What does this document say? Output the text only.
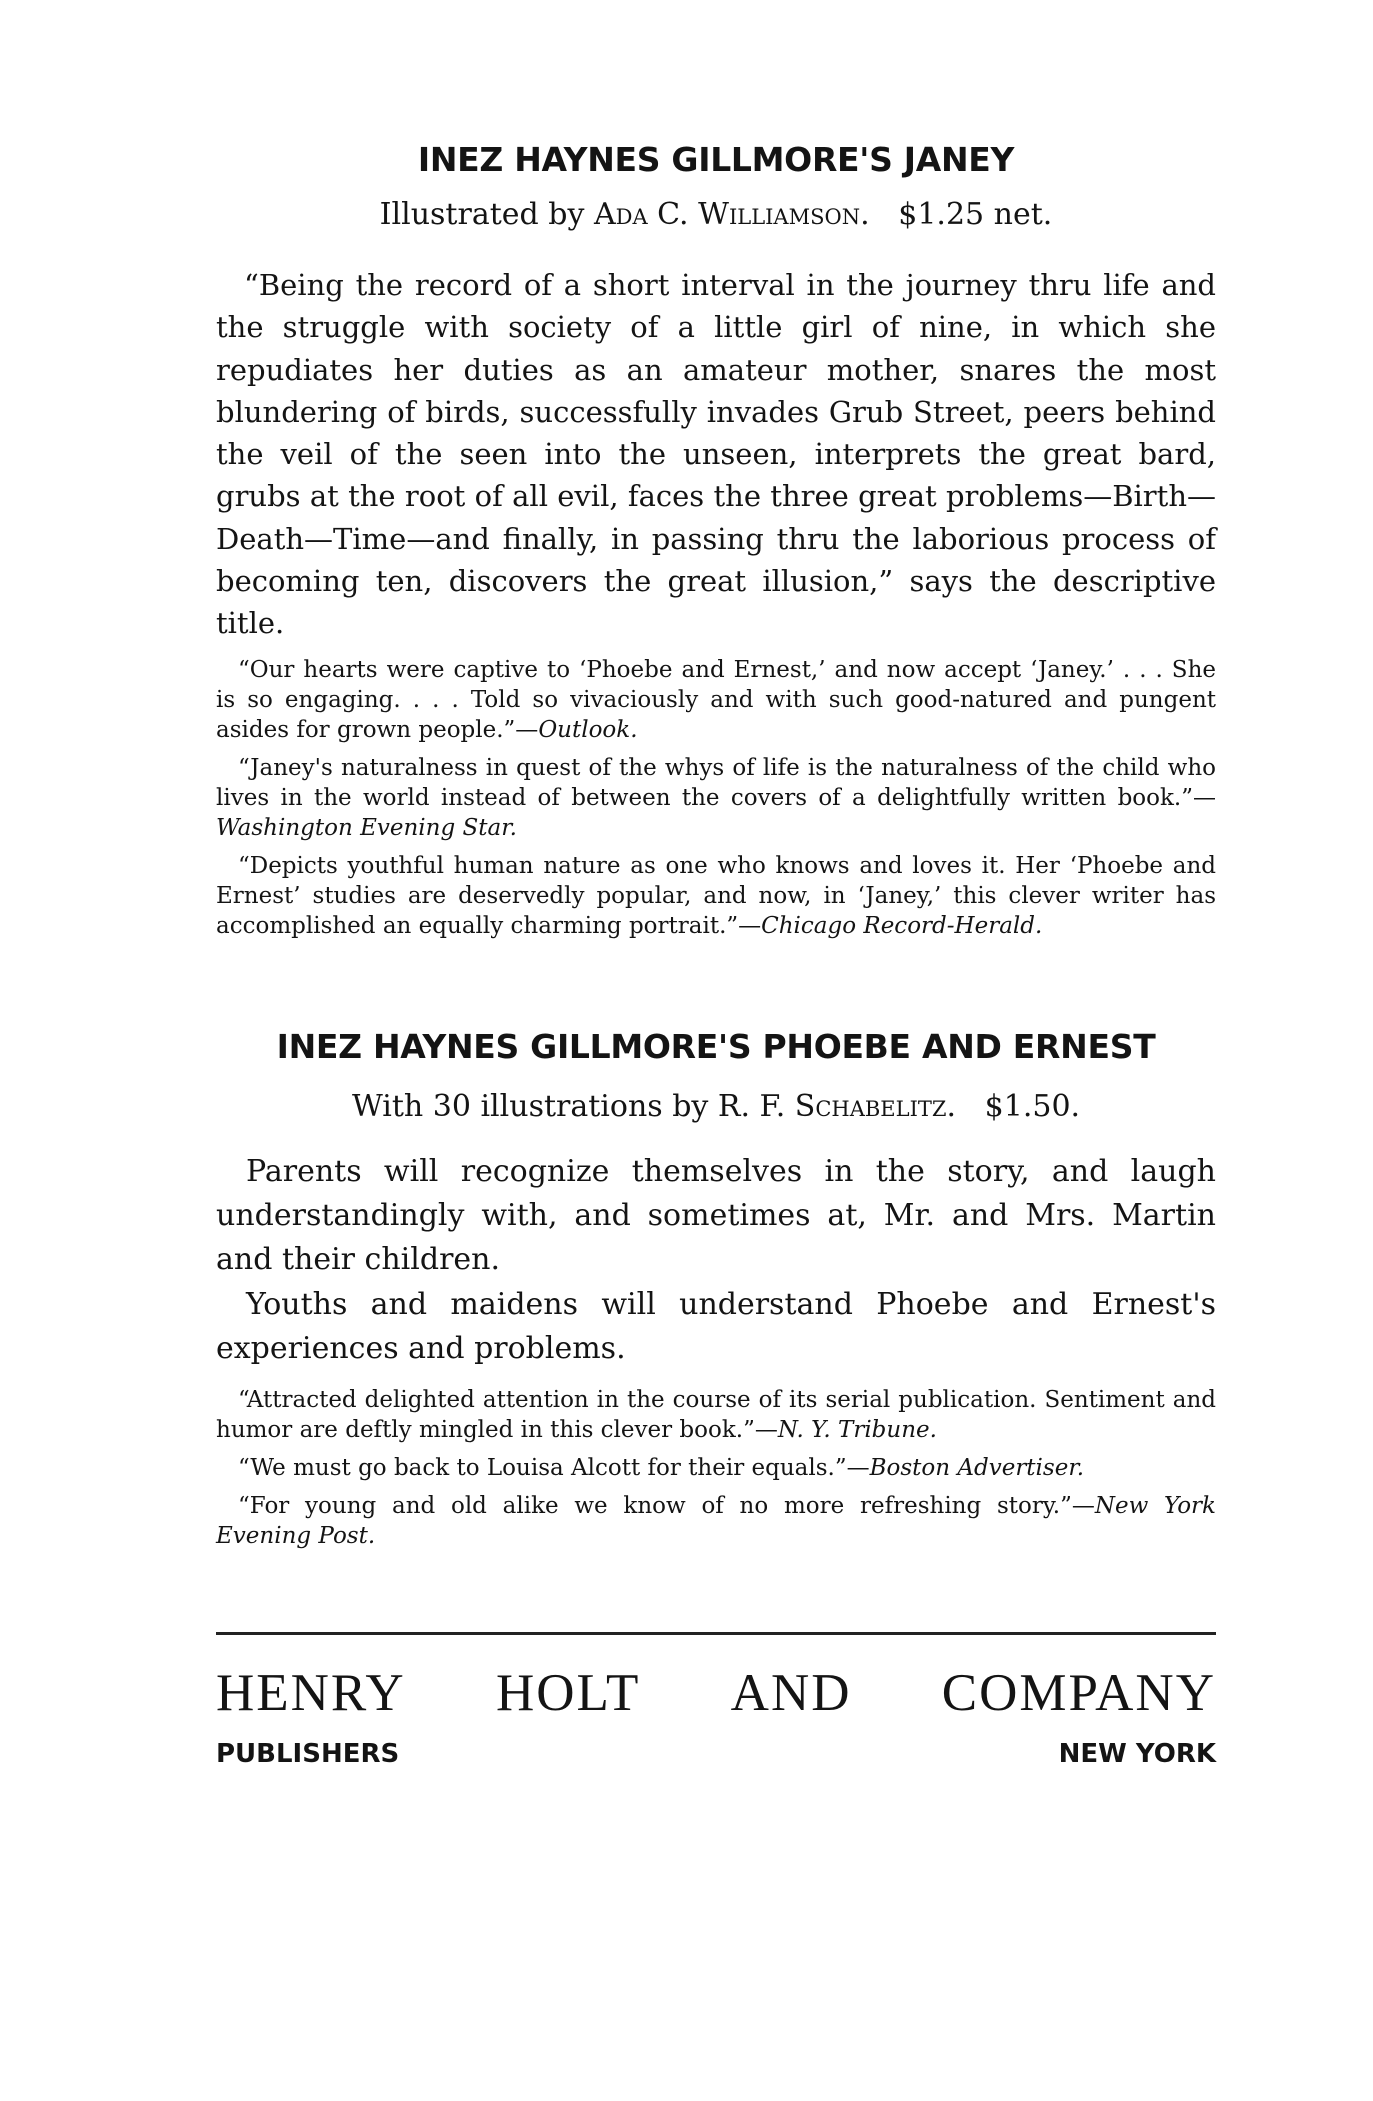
INEZ HAYNES GILLMORE'S JANEY

Illustrated by Ada C. Williamson. $1.25 net.

“Being the record of a short interval in the journey thru life and the struggle with society of a little girl of nine, in which she repudiates her duties as an amateur mother, snares the most blundering of birds, successfully invades Grub Street, peers behind the veil of the seen into the unseen, interprets the great bard, grubs at the root of all evil, faces the three great problems—Birth—Death—Time—and finally, in passing thru the laborious process of becoming ten, discovers the great illusion,” says the descriptive title.

“Our hearts were captive to ‘Phoebe and Ernest,’ and now accept ‘Janey.’ . . . She is so engaging. . . . Told so vivaciously and with such good-natured and pungent asides for grown people.”—Outlook.

“Janey's naturalness in quest of the whys of life is the naturalness of the child who lives in the world instead of between the covers of a delightfully written book.”—Washington Evening Star.

“Depicts youthful human nature as one who knows and loves it. Her ‘Phoebe and Ernest’ studies are deservedly popular, and now, in ‘Janey,’ this clever writer has accomplished an equally charming portrait.”—Chicago Record-Herald.

INEZ HAYNES GILLMORE'S PHOEBE AND ERNEST

With 30 illustrations by R. F. Schabelitz. $1.50.

Parents will recognize themselves in the story, and laugh understandingly with, and sometimes at, Mr. and Mrs. Martin and their children.

Youths and maidens will understand Phoebe and Ernest's experiences and problems.

“Attracted delighted attention in the course of its serial publication. Sentiment and humor are deftly mingled in this clever book.”—N. Y. Tribune.

“We must go back to Louisa Alcott for their equals.”—Boston Advertiser.

“For young and old alike we know of no more refreshing story.”—New York Evening Post.

HENRY HOLT AND COMPANY
PUBLISHERS	NEW YORK
